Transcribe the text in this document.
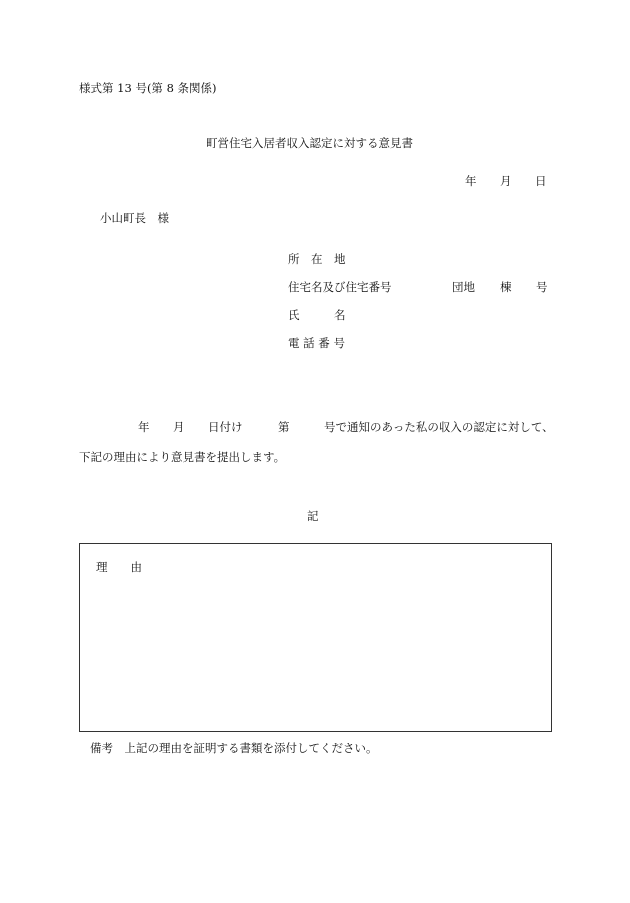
様式第 13 号(第 8 条関係)
町営住宅入居者収入認定に対する意見書
年 月 日
小山町長　様
所　在　地
住宅名及び住宅番号	団地 棟 号
氏　　　名
電 話 番 号
年 月 日付け	第	号で通知のあった私の収入の認定に対して、
下記の理由により意見書を提出します。
記
理　　由
備考　上記の理由を証明する書類を添付してください。
